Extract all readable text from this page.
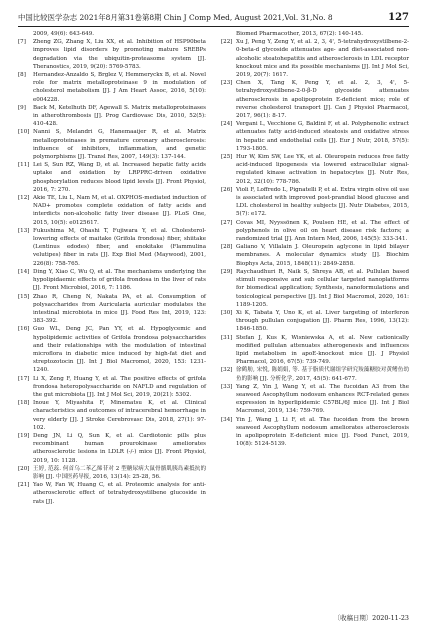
中国比较医学杂志 2021年8月第31卷第8期 Chin J Comp Med, August 2021,Vol. 31,No. 8	127
2009, 49(6): 643-649.
[7]	Zheng ZG, Zhang X, Liu XX, et al. Inhibition of HSP90beta improves lipid disorders by promoting mature SREBPs degradation via the ubiquitin-proteasome system [J]. Theranostics, 2019, 9(20): 5769-5783.
[8]	Hernandez-Anzaldo S, Brglez V, Hemmeryckx B, et al. Novel role for matrix metalloproteinase 9 in modulation of cholesterol metabolism [J]. J Am Heart Assoc, 2016, 5(10): e004228.
[9]	Back M, Ketelhuth DF, Agewall S. Matrix metalloproteinases in atherothrombosis [J]. Prog Cardiovasc Dis, 2010, 52(5): 410-428.
[10] Nanni S, Melandri G, Hanemaaijer R, et al. Matrix metalloproteinases in premature coronary atherosclerosis: influence of inhibitors, inflammation, and genetic polymorphisms [J]. Transl Res, 2007, 149(3): 137-144.
[11] Lei S, Sun RZ, Wang D, et al. Increased hepatic fatty acids uptake and oxidation by LRPPRC-driven oxidative phosphorylation reduces blood lipid levels [J]. Front Physiol, 2016, 7: 270.
[12] Akie TE, Liu L, Nam M, et al. OXPHOS-mediated induction of NAD+ promotes complete oxidation of fatty acids and interdicts non-alcoholic fatty liver disease [J]. PLoS One, 2015, 10(5): e0125617.
[13] Fukushima M, Ohashi T, Fujiwara Y, et al. Cholesterol-lowering effects of maitake (Grifola frondosa) fiber, shiitake (Lentinus edodes) fiber, and enokitake (Flammulina velutipes) fiber in rats [J]. Exp Biol Med (Maywood), 2001, 226(8): 758-765.
[14] Ding Y, Xiao C, Wu Q, et al. The mechanisms underlying the hypolipidaemic effects of grifola frondosa in the liver of rats [J]. Front Microbiol, 2016, 7: 1186.
[15] Zhao R, Cheng N, Nakata PA, et al. Consumption of polysaccharides from Auricularia auricular modulates the intestinal microbiota in mice [J]. Food Res Int, 2019, 123: 383-392.
[16] Guo WL, Deng JC, Pan YY, et al. Hypoglycemic and hypolipidemic activities of Grifola frondosa polysaccharides and their relationships with the modulation of intestinal microflora in diabetic mice induced by high-fat diet and streptozotocin [J]. Int J Biol Macromol, 2020, 153: 1231-1240.
[17] Li X, Zeng F, Huang Y, et al. The positive effects of grifola frondosa heteropolysaccharide on NAFLD and regulation of the gut microbiota [J]. Int J Mol Sci, 2019, 20(21): 5302.
[18] Inoue Y, Miyashita F, Minematsu K, et al. Clinical characteristics and outcomes of intracerebral hemorrhage in very elderly [J]. J Stroke Cerebrovasc Dis, 2018, 27(1): 97-102.
[19] Deng JN, Li Q, Sun K, et al. Cardiotonic pills plus recombinant human prourokinase ameliorates atherosclerotic lesions in LDLR (-/-) mice [J]. Front Physiol, 2019, 10: 1128.
[20] 王婷, 范蕊. 何首乌二苯乙烯苷对 2 型糖尿病大鼠骨骼肌胰岛素抵抗的影响 [J]. 中国医药导报, 2016, 13(14): 25-28, 56.
[21] Yao W, Fan W, Huang C, et al. Proteomic analysis for anti-atherosclerotic effect of tetrahydroxystilbene glucoside in rats [J].
Biomed Pharmacother, 2013, 67(2): 140-145.
[22] Xu J, Peng Y, Zeng Y, et al. 2, 3, 4', 5-tetrahydroxystilbene-2-0-beta-d glycoside attenuates age- and diet-associated non-alcoholic steatohepatitis and atherosclerosis in LDL receptor knockout mice and its possible mechanisms [J]. Int J Mol Sci, 2019, 20(7): 1617.
[23] Chen X, Tang K, Peng Y, et al. 2, 3, 4', 5-tetrahydroxystilbene-2-0-β-D glycoside attenuates atherosclerosis in apolipoprotein E-deficient mice; role of reverse cholesterol transport [J]. Can J Physiol Pharmacol, 2017, 96(1): 8-17.
[24] Vergani L, Vecchione G, Baldini F, et al. Polyphenolic extract attenuates fatty acid-induced steatosis and oxidative stress in hepatic and endothelial cells [J]. Eur J Nutr, 2018, 57(5): 1793-1805.
[25] Hur W, Kim SW, Lee YK, et al. Oleuropein reduces free fatty acid-induced lipogenesis via lowered extracellular signal-regulated kinase activation in hepatocytes [J]. Nutr Res, 2012, 32(10): 778-786.
[26] Violi F, Loffredo L, Pignatelli P, et al. Extra virgin olive oil use is associated with improved post-prandial blood glucose and LDL cholesterol in healthy subjects [J]. Nutr Diabetes, 2015, 5(7): e172.
[27] Covas MI, Nyyssönen K, Poulsen HE, et al. The effect of polyphenols in olive oil on heart disease risk factors; a randomized trial [J]. Ann Intern Med, 2006, 145(5): 333-341.
[28] Galiano V, Villalain J. Oleuropein aglycone in lipid bilayer membranes. A molecular dynamics study [J]. Biochim Biophys Acta, 2015, 1848(11): 2849-2858.
[29] Raychaudhuri R, Naik S, Shreya AB, et al. Pullulan based stimuli responsive and sub cellular targeted nanoplatforms for biomedical application; Synthesis, nanoformulations and toxicological perspective [J]. Int J Biol Macromol, 2020, 161: 1189-1205.
[30] Xi K, Tabata Y, Uno K, et al. Liver targeting of interferon through pullulan conjugation [J]. Pharm Res, 1996, 13(12): 1846-1850.
[31] Stefan J, Kus K, Wisniewska A, et al. New cationically modified pullulan attenuates atherogenesis and influences lipid metabolism in apoE-knockout mice [J]. J Physiol Pharmacol, 2016, 67(5): 739-749.
[32] 徐鹤舫, 宋悦, 陈娟娟, 等. 基于脂质代谢组学研究羧藻糖胶对黄鳍鱼幼鱼的影响 [J]. 分析化学, 2017, 45(5): 641-677.
[33] Yang Z, Yin J, Wang Y, et al. The fucoidan A3 from the seaweed Ascophyllum nodosum enhances RCT-related genes expression in hyperlipidemic C57BL/6J mice [J]. Int J Biol Macromol, 2019, 134: 759-769.
[34] Yin J, Wang J, Li F, et al. The fucoidan from the brown seaweed Ascophyllum nodosum ameliorates atherosclerosis in apolipoprotein E-deficient mice [J]. Food Funct, 2019, 10(8): 5124-5139.
〔收稿日期〕2020-11-23
